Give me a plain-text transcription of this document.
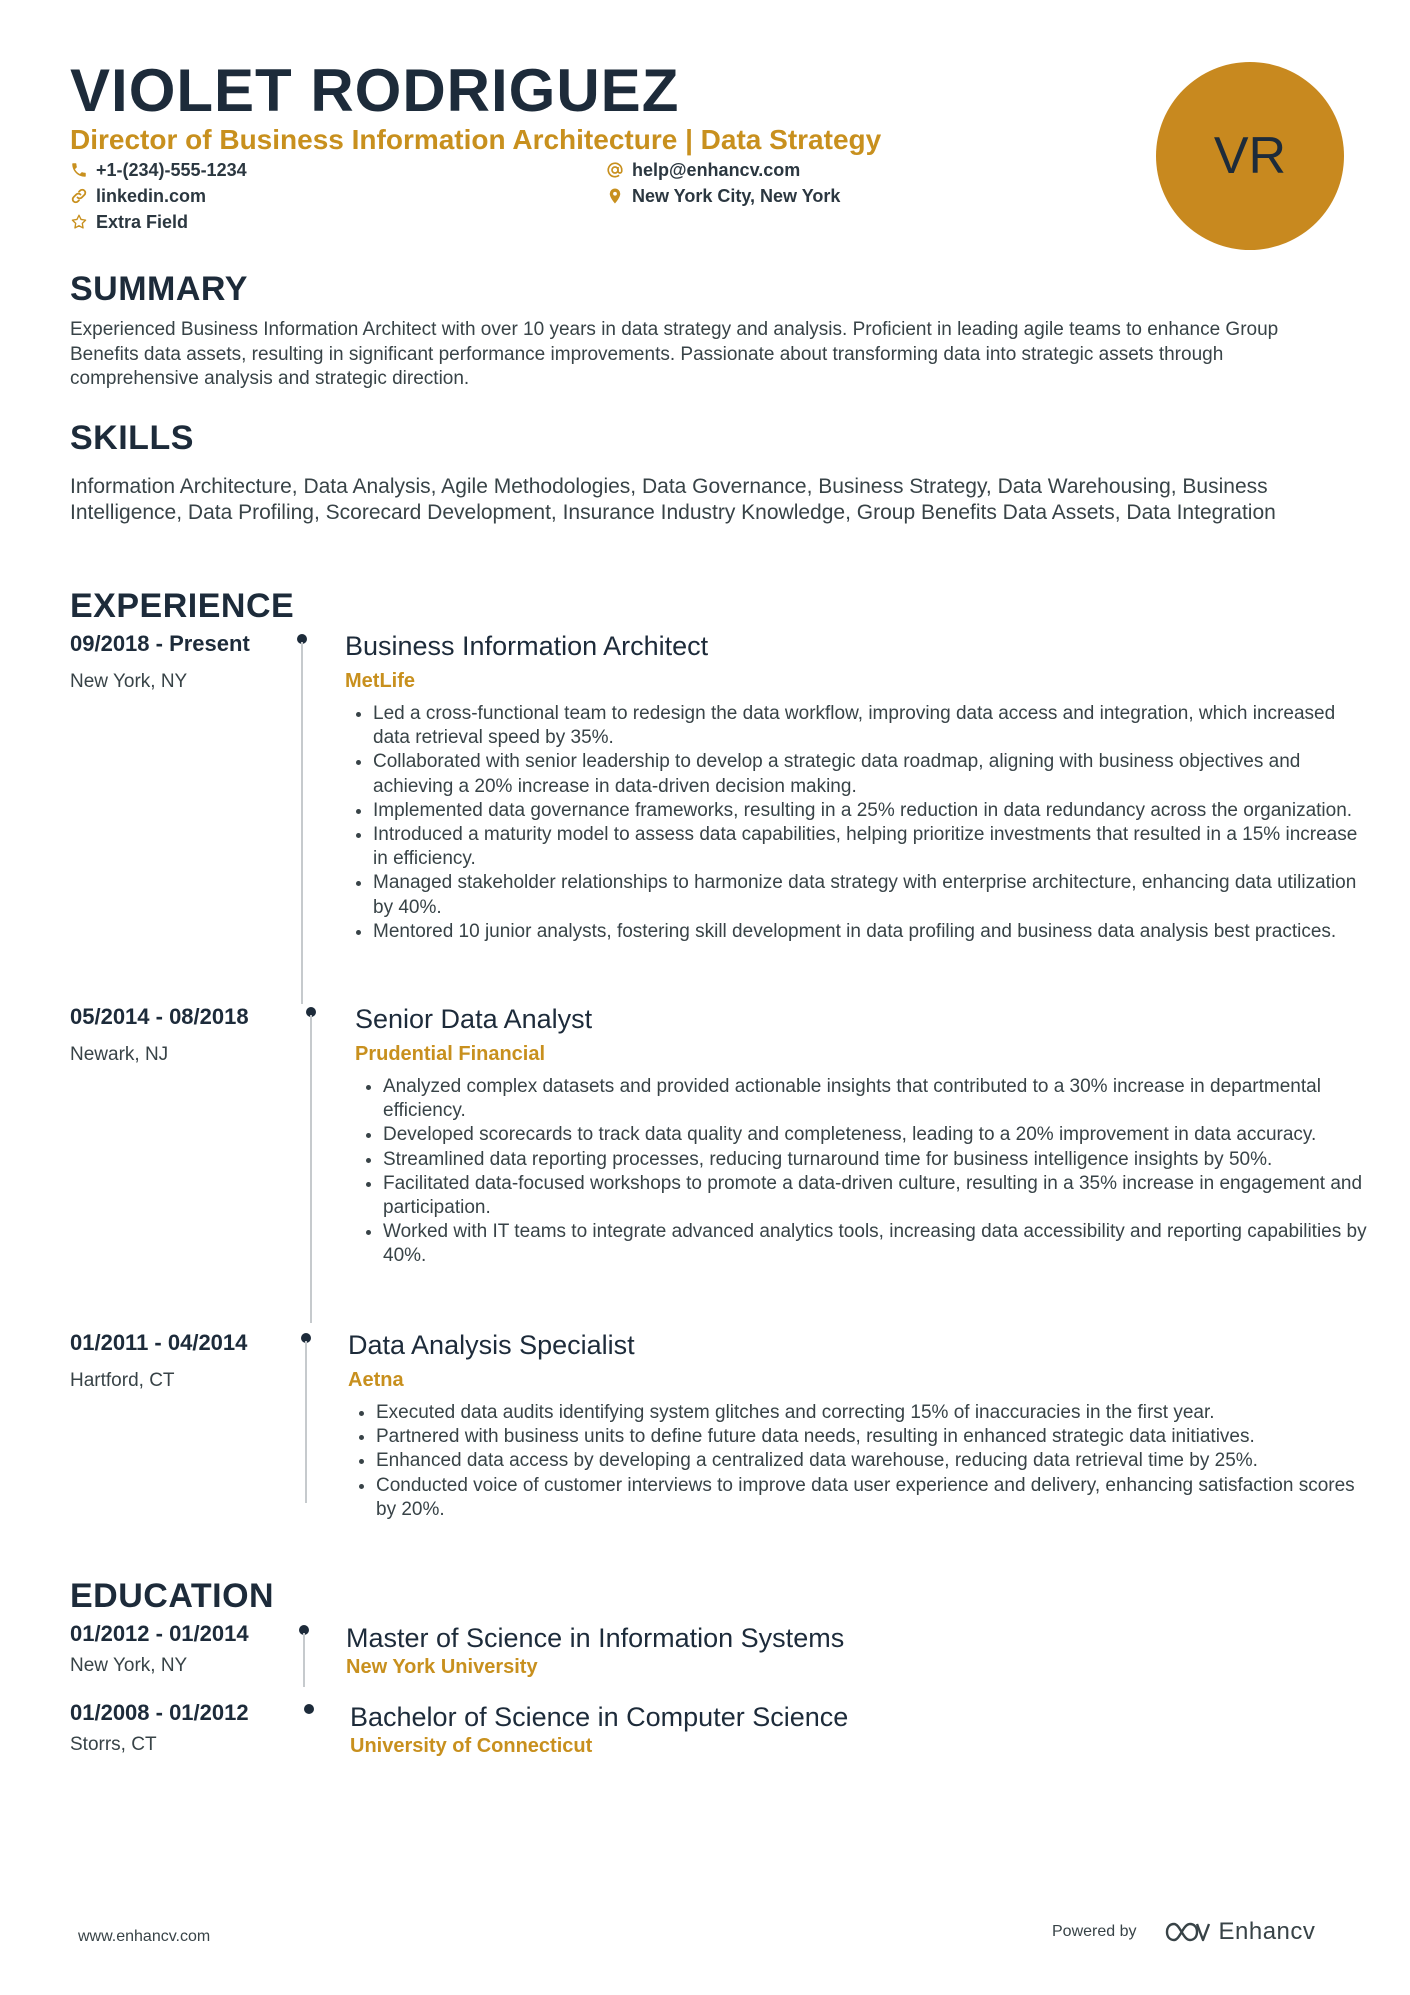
VIOLET RODRIGUEZ
Director of Business Information Architecture | Data Strategy
+1-(234)-555-1234	help@enhancv.com
linkedin.com	New York City, New York
Extra Field
VR
SUMMARY

Experienced Business Information Architect with over 10 years in data strategy and analysis. Proficient in leading agile teams to enhance Group Benefits data assets, resulting in significant performance improvements. Passionate about transforming data into strategic assets through comprehensive analysis and strategic direction.

SKILLS

Information Architecture, Data Analysis, Agile Methodologies, Data Governance, Business Strategy, Data Warehousing, Business Intelligence, Data Profiling, Scorecard Development, Insurance Industry Knowledge, Group Benefits Data Assets, Data Integration

EXPERIENCE
09/2018 - Present
New York, NY
Business Information Architect
MetLife
• Led a cross-functional team to redesign the data workflow, improving data access and integration, which increased data retrieval speed by 35%.
• Collaborated with senior leadership to develop a strategic data roadmap, aligning with business objectives and achieving a 20% increase in data-driven decision making.
• Implemented data governance frameworks, resulting in a 25% reduction in data redundancy across the organization.
• Introduced a maturity model to assess data capabilities, helping prioritize investments that resulted in a 15% increase in efficiency.
• Managed stakeholder relationships to harmonize data strategy with enterprise architecture, enhancing data utilization by 40%.
• Mentored 10 junior analysts, fostering skill development in data profiling and business data analysis best practices.
05/2014 - 08/2018
Newark, NJ
Senior Data Analyst
Prudential Financial
• Analyzed complex datasets and provided actionable insights that contributed to a 30% increase in departmental efficiency.
• Developed scorecards to track data quality and completeness, leading to a 20% improvement in data accuracy.
• Streamlined data reporting processes, reducing turnaround time for business intelligence insights by 50%.
• Facilitated data-focused workshops to promote a data-driven culture, resulting in a 35% increase in engagement and participation.
• Worked with IT teams to integrate advanced analytics tools, increasing data accessibility and reporting capabilities by 40%.
01/2011 - 04/2014
Hartford, CT
Data Analysis Specialist
Aetna
• Executed data audits identifying system glitches and correcting 15% of inaccuracies in the first year.
• Partnered with business units to define future data needs, resulting in enhanced strategic data initiatives.
• Enhanced data access by developing a centralized data warehouse, reducing data retrieval time by 25%.
• Conducted voice of customer interviews to improve data user experience and delivery, enhancing satisfaction scores by 20%.
EDUCATION
01/2012 - 01/2014
New York, NY
Master of Science in Information Systems
New York University
01/2008 - 01/2012
Storrs, CT
Bachelor of Science in Computer Science
University of Connecticut
www.enhancv.com	Powered by	Enhancv
